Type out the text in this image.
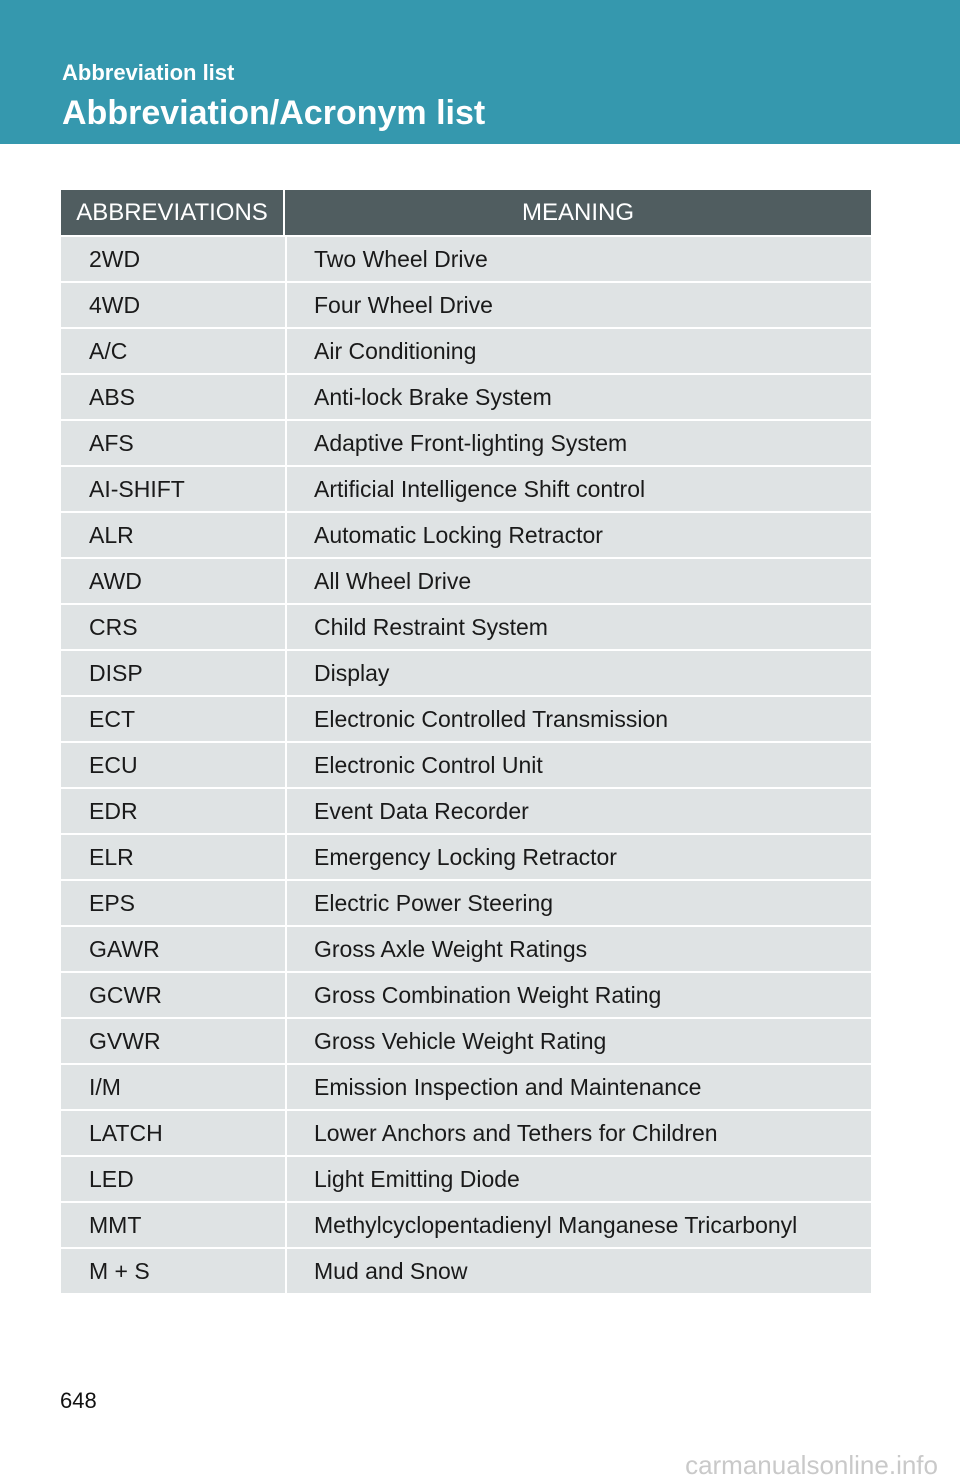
Abbreviation list
Abbreviation/Acronym list
ABBREVIATIONS	MEANING
2WD	Two Wheel Drive
4WD	Four Wheel Drive
A/C	Air Conditioning
ABS	Anti-lock Brake System
AFS	Adaptive Front-lighting System
AI-SHIFT	Artificial Intelligence Shift control
ALR	Automatic Locking Retractor
AWD	All Wheel Drive
CRS	Child Restraint System
DISP	Display
ECT	Electronic Controlled Transmission
ECU	Electronic Control Unit
EDR	Event Data Recorder
ELR	Emergency Locking Retractor
EPS	Electric Power Steering
GAWR	Gross Axle Weight Ratings
GCWR	Gross Combination Weight Rating
GVWR	Gross Vehicle Weight Rating
I/M	Emission Inspection and Maintenance
LATCH	Lower Anchors and Tethers for Children
LED	Light Emitting Diode
MMT	Methylcyclopentadienyl Manganese Tricarbonyl
M + S	Mud and Snow
648
carmanualsonline.info
